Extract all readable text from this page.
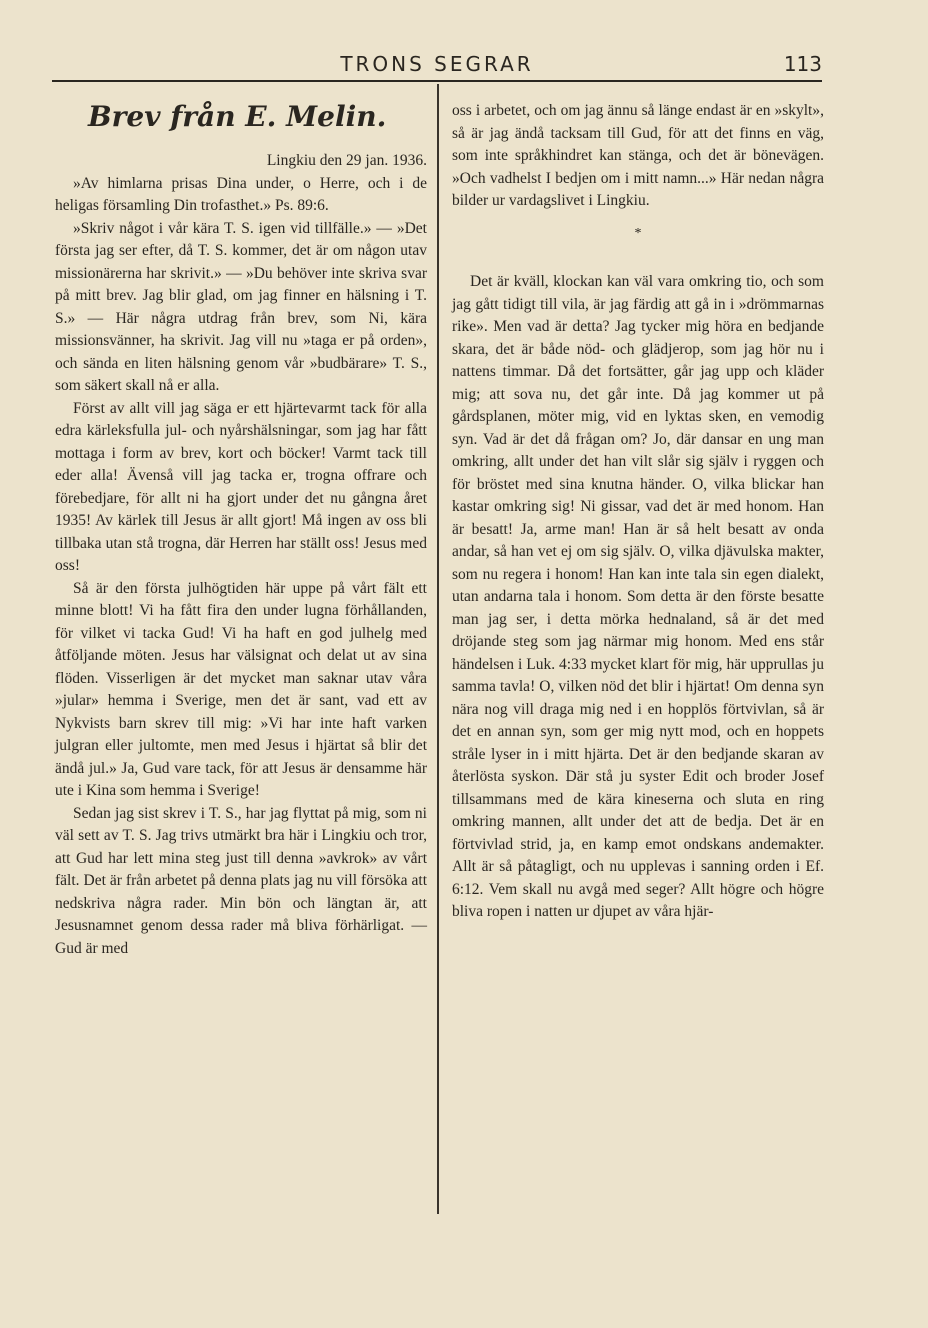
TRONS SEGRAR	113
Brev från E. Melin.

Lingkiu den 29 jan. 1936.

»Av himlarna prisas Dina under, o Herre, och i de heligas församling Din trofasthet.» Ps. 89:6.

»Skriv något i vår kära T. S. igen vid tillfälle.» — »Det första jag ser efter, då T. S. kommer, det är om någon utav missionärerna har skrivit.» — »Du behöver inte skriva svar på mitt brev. Jag blir glad, om jag finner en hälsning i T. S.» — Här några utdrag från brev, som Ni, kära missionsvänner, ha skrivit. Jag vill nu »taga er på orden», och sända en liten hälsning genom vår »budbärare» T. S., som säkert skall nå er alla.

Först av allt vill jag säga er ett hjärtevarmt tack för alla edra kärleksfulla jul- och nyårshälsningar, som jag har fått mottaga i form av brev, kort och böcker! Varmt tack till eder alla! Ävenså vill jag tacka er, trogna offrare och förebedjare, för allt ni ha gjort under det nu gångna året 1935! Av kärlek till Jesus är allt gjort! Må ingen av oss bli tillbaka utan stå trogna, där Herren har ställt oss! Jesus med oss!

Så är den första julhögtiden här uppe på vårt fält ett minne blott! Vi ha fått fira den under lugna förhållanden, för vilket vi tacka Gud! Vi ha haft en god julhelg med åtföljande möten. Jesus har välsignat och delat ut av sina flöden. Visserligen är det mycket man saknar utav våra »jular» hemma i Sverige, men det är sant, vad ett av Nykvists barn skrev till mig: »Vi har inte haft varken julgran eller jultomte, men med Jesus i hjärtat så blir det ändå jul.» Ja, Gud vare tack, för att Jesus är densamme här ute i Kina som hemma i Sverige!

Sedan jag sist skrev i T. S., har jag flyttat på mig, som ni väl sett av T. S. Jag trivs utmärkt bra här i Lingkiu och tror, att Gud har lett mina steg just till denna »avkrok» av vårt fält. Det är från arbetet på denna plats jag nu vill försöka att nedskriva några rader. Min bön och längtan är, att Jesusnamnet genom dessa rader må bliva förhärligat. — Gud är med

oss i arbetet, och om jag ännu så länge endast är en »skylt», så är jag ändå tacksam till Gud, för att det finns en väg, som inte språkhindret kan stänga, och det är bönevägen. »Och vadhelst I bedjen om i mitt namn...» Här nedan några bilder ur vardagslivet i Lingkiu.

*

Det är kväll, klockan kan väl vara omkring tio, och som jag gått tidigt till vila, är jag färdig att gå in i »drömmarnas rike». Men vad är detta? Jag tycker mig höra en bedjande skara, det är både nöd- och glädjerop, som jag hör nu i nattens timmar. Då det fortsätter, går jag upp och kläder mig; att sova nu, det går inte. Då jag kommer ut på gårdsplanen, möter mig, vid en lyktas sken, en vemodig syn. Vad är det då frågan om? Jo, där dansar en ung man omkring, allt under det han vilt slår sig själv i ryggen och för bröstet med sina knutna händer. O, vilka blickar han kastar omkring sig! Ni gissar, vad det är med honom. Han är besatt! Ja, arme man! Han är så helt besatt av onda andar, så han vet ej om sig själv. O, vilka djävulska makter, som nu regera i honom! Han kan inte tala sin egen dialekt, utan andarna tala i honom. Som detta är den förste besatte man jag ser, i detta mörka hednaland, så är det med dröjande steg som jag närmar mig honom. Med ens står händelsen i Luk. 4:33 mycket klart för mig, här upprullas ju samma tavla! O, vilken nöd det blir i hjärtat! Om denna syn nära nog vill draga mig ned i en hopplös förtvivlan, så är det en annan syn, som ger mig nytt mod, och en hoppets stråle lyser in i mitt hjärta. Det är den bedjande skaran av återlösta syskon. Där stå ju syster Edit och broder Josef tillsammans med de kära kineserna och sluta en ring omkring mannen, allt under det att de bedja. Det är en förtvivlad strid, ja, en kamp emot ondskans andemakter. Allt är så påtagligt, och nu upplevas i sanning orden i Ef. 6:12. Vem skall nu avgå med seger? Allt högre och högre bliva ropen i natten ur djupet av våra hjär-
